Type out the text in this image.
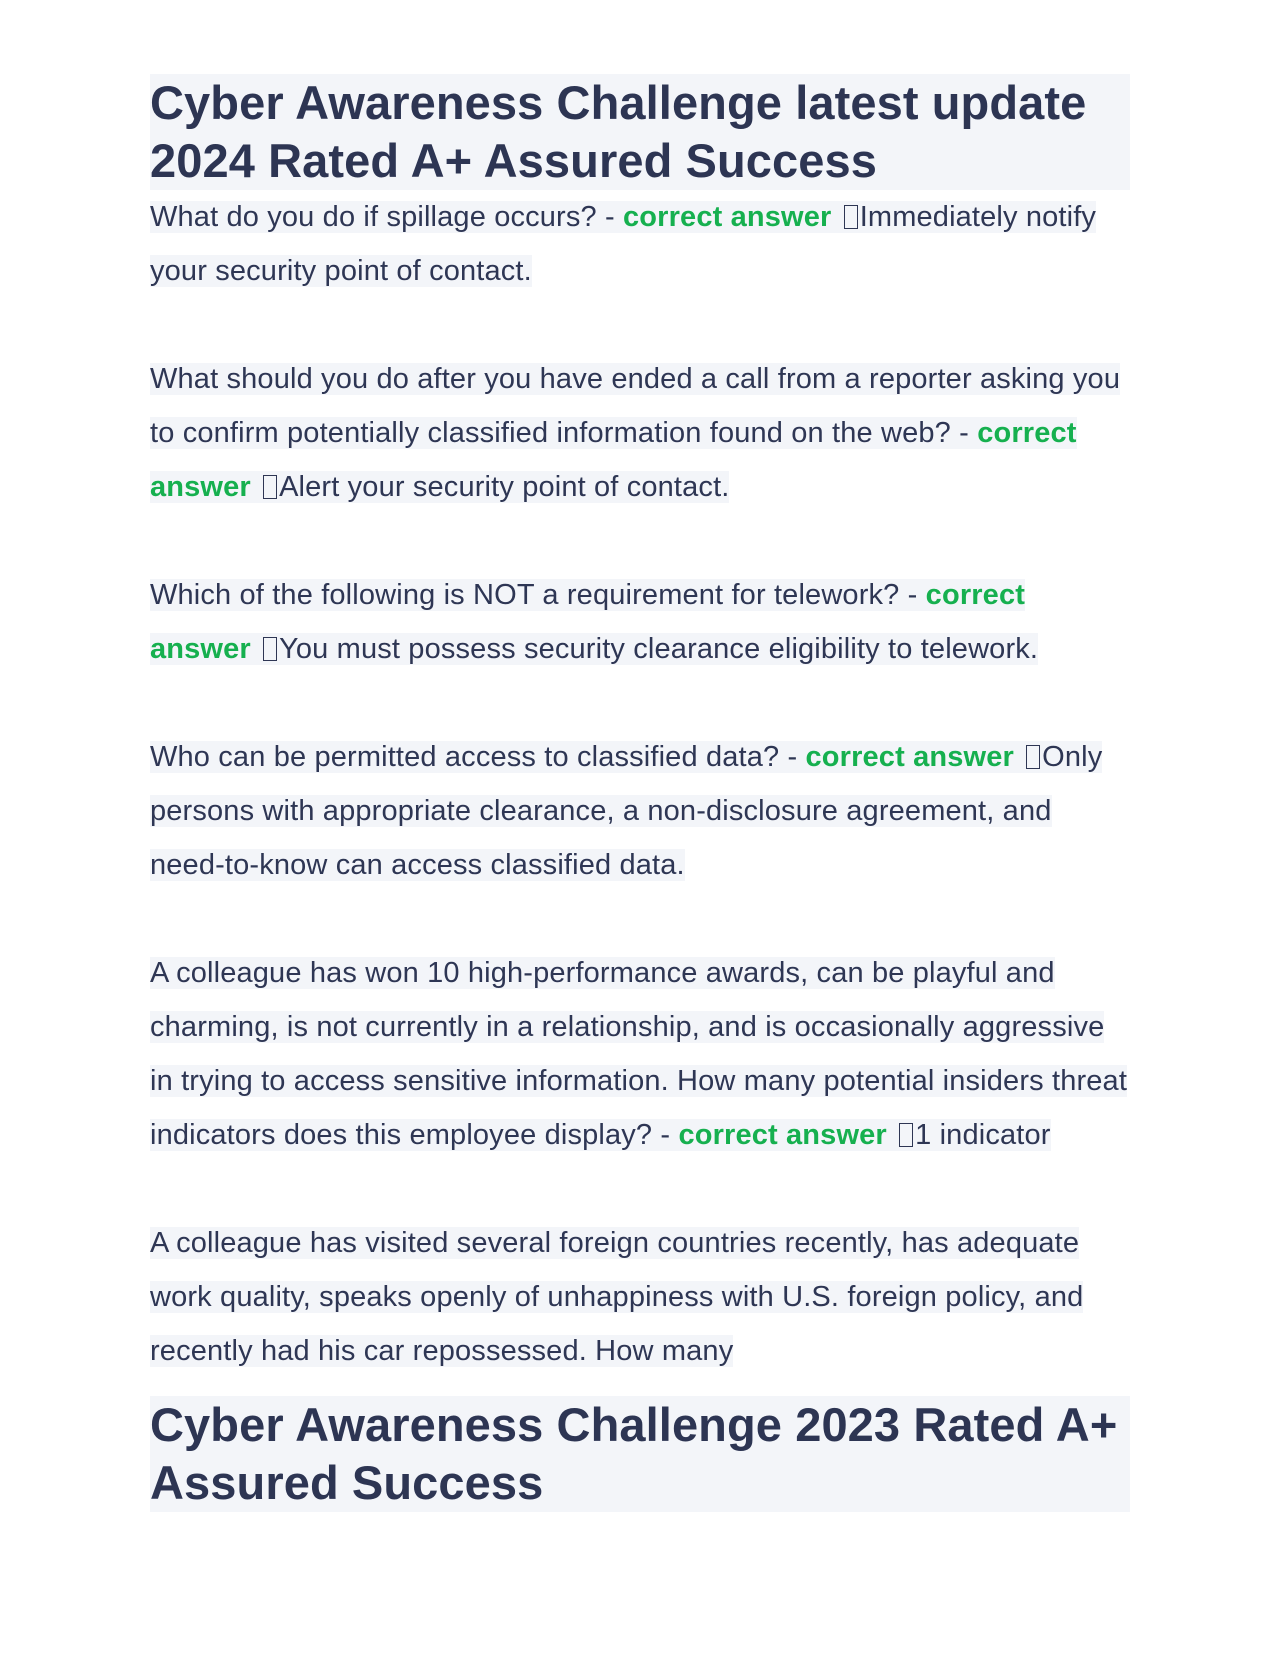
Cyber Awareness Challenge latest update 2024 Rated A+ Assured Success

What do you do if spillage occurs? - correct answer Immediately notify your security point of contact.

What should you do after you have ended a call from a reporter asking you to confirm potentially classified information found on the web? - correct answer Alert your security point of contact.

Which of the following is NOT a requirement for telework? - correct answer You must possess security clearance eligibility to telework.

Who can be permitted access to classified data? - correct answer Only persons with appropriate clearance, a non-disclosure agreement, and need-to-know can access classified data.

A colleague has won 10 high-performance awards, can be playful and charming, is not currently in a relationship, and is occasionally aggressive in trying to access sensitive information. How many potential insiders threat indicators does this employee display? - correct answer 1 indicator

A colleague has visited several foreign countries recently, has adequate work quality, speaks openly of unhappiness with U.S. foreign policy, and recently had his car repossessed. How many

Cyber Awareness Challenge 2023 Rated A+ Assured Success
